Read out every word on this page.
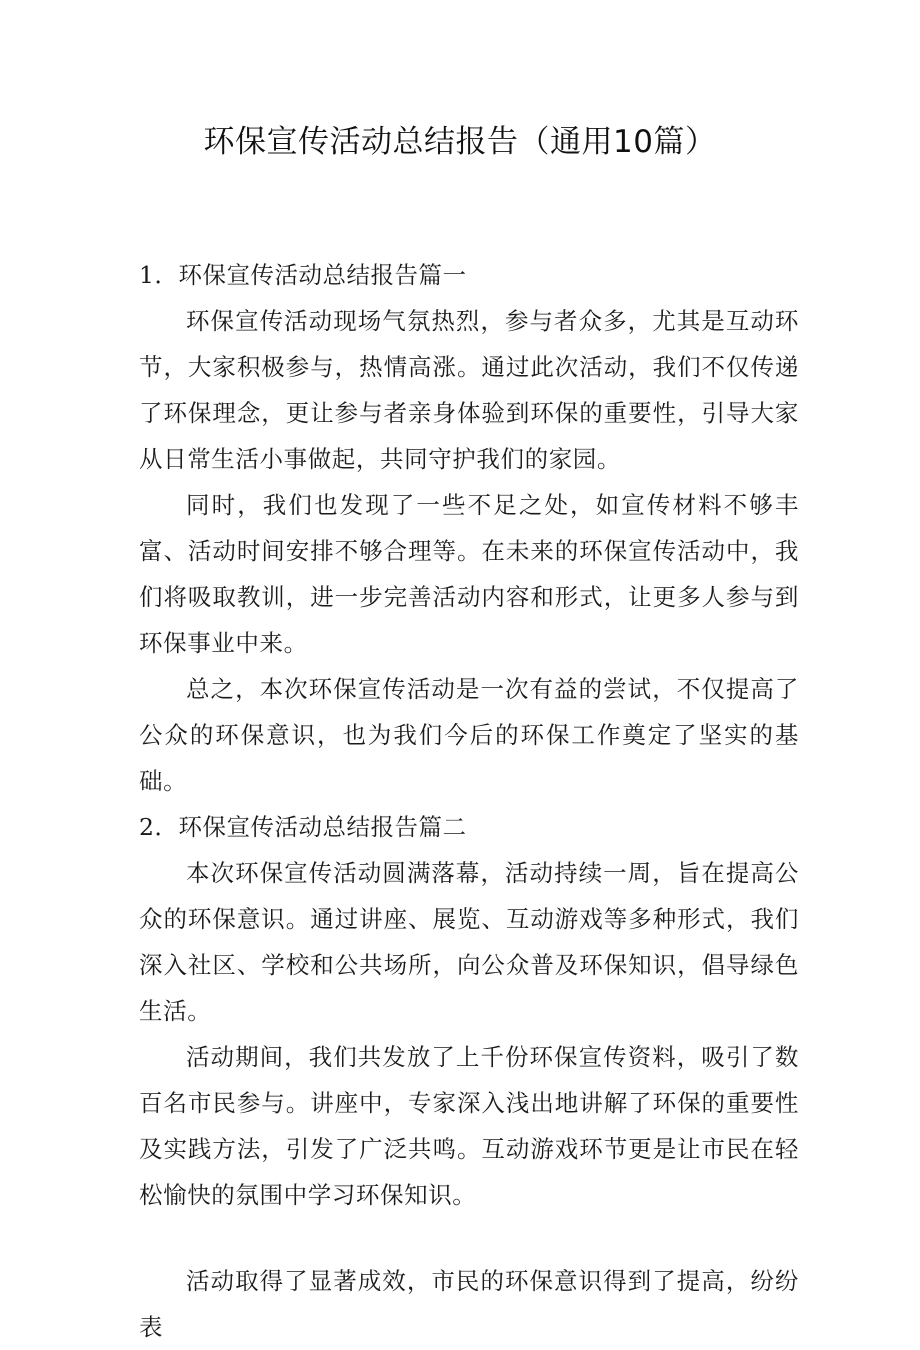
环保宣传活动总结报告（通用10篇）

1．环保宣传活动总结报告篇一

环保宣传活动现场气氛热烈，参与者众多，尤其是互动环节，大家积极参与，热情高涨。通过此次活动，我们不仅传递了环保理念，更让参与者亲身体验到环保的重要性，引导大家从日常生活小事做起，共同守护我们的家园。

同时，我们也发现了一些不足之处，如宣传材料不够丰富、活动时间安排不够合理等。在未来的环保宣传活动中，我们将吸取教训，进一步完善活动内容和形式，让更多人参与到环保事业中来。

总之，本次环保宣传活动是一次有益的尝试，不仅提高了公众的环保意识，也为我们今后的环保工作奠定了坚实的基础。

2．环保宣传活动总结报告篇二

本次环保宣传活动圆满落幕，活动持续一周，旨在提高公众的环保意识。通过讲座、展览、互动游戏等多种形式，我们深入社区、学校和公共场所，向公众普及环保知识，倡导绿色生活。

活动期间，我们共发放了上千份环保宣传资料，吸引了数百名市民参与。讲座中，专家深入浅出地讲解了环保的重要性及实践方法，引发了广泛共鸣。互动游戏环节更是让市民在轻松愉快的氛围中学习环保知识。

活动取得了显著成效，市民的环保意识得到了提高，纷纷表
